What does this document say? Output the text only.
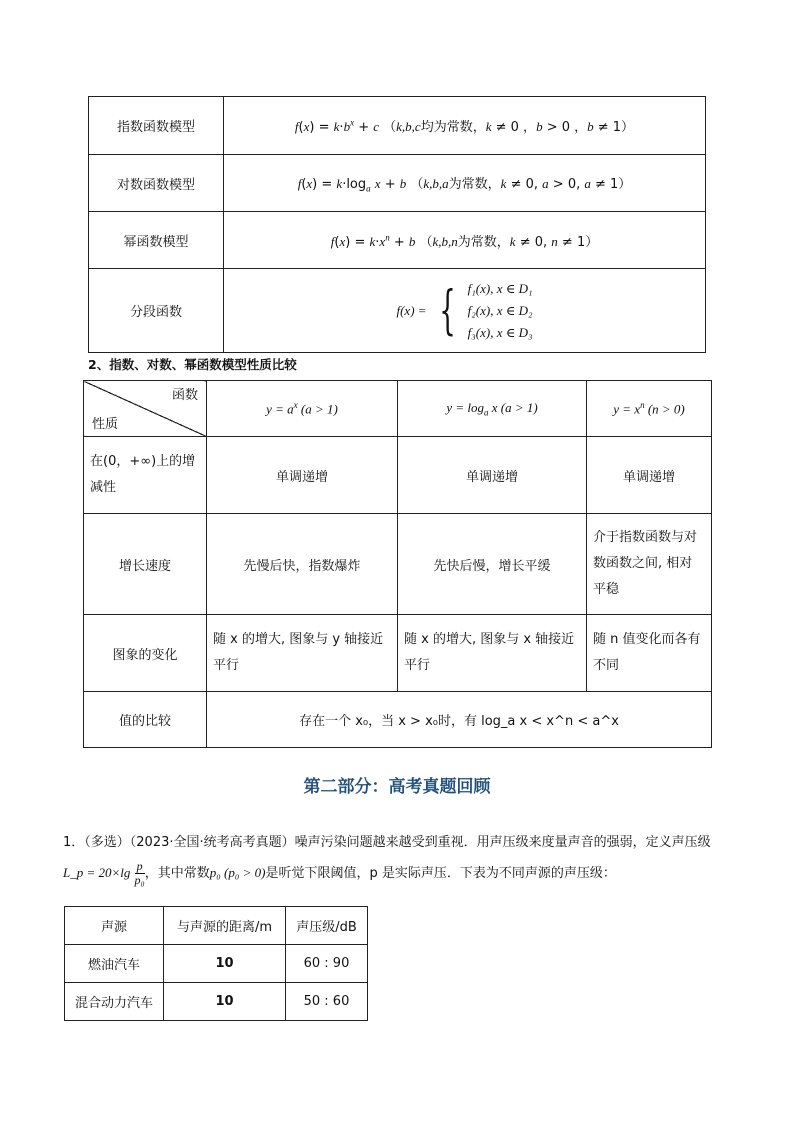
指数函数模型	$f(x) = k\cdot b^x + c$ （k,b,c均为常数，k ≠ 0 ，b > 0 ，b ≠ 1）
对数函数模型	$f(x) = k\cdot\log_a$ x + b （k,b,a为常数，k ≠ 0, a > 0, a ≠ 1）
幂函数模型	$f(x) = k\cdot x^n + b$ （k,b,n为常数，k ≠ 0, n ≠ 1）
分段函数	f(x) = { f₁(x), x ∈ D₁
f₂(x), x ∈ D₂
f₃(x), x ∈ D₃
2、指数、对数、幂函数模型性质比较
函数
性质	$y = a^x$ (a > 1)	$y = \log_a x$ (a > 1)	$y = x^n$ (n > 0)
在(0，+∞)上的增减性	单调递增	单调递增	单调递增
增长速度	先慢后快，指数爆炸	先快后慢，增长平缓	介于指数函数与对数函数之间, 相对平稳
图象的变化	随 x 的增大, 图象与 y 轴接近平行	随 x 的增大, 图象与 x 轴接近平行	随 n 值变化而各有不同
值的比较	存在一个 x₀，当 x > x₀时，有 log_a x < x^n < a^x		
第二部分：高考真题回顾
1．（多选）（2023·全国·统考高考真题）噪声污染问题越来越受到重视．用声压级来度量声音的强弱，定义声压级 L_p = $20\times\lg \frac{p}{\text{p₀}}$ ，其中常数p₀ (p₀ > 0)是听觉下限阈值，p 是实际声压．下表为不同声源的声压级：
声源	与声源的距离/m	声压级/dB
燃油汽车	10	60 : 90
混合动力汽车	10	50 : 60
